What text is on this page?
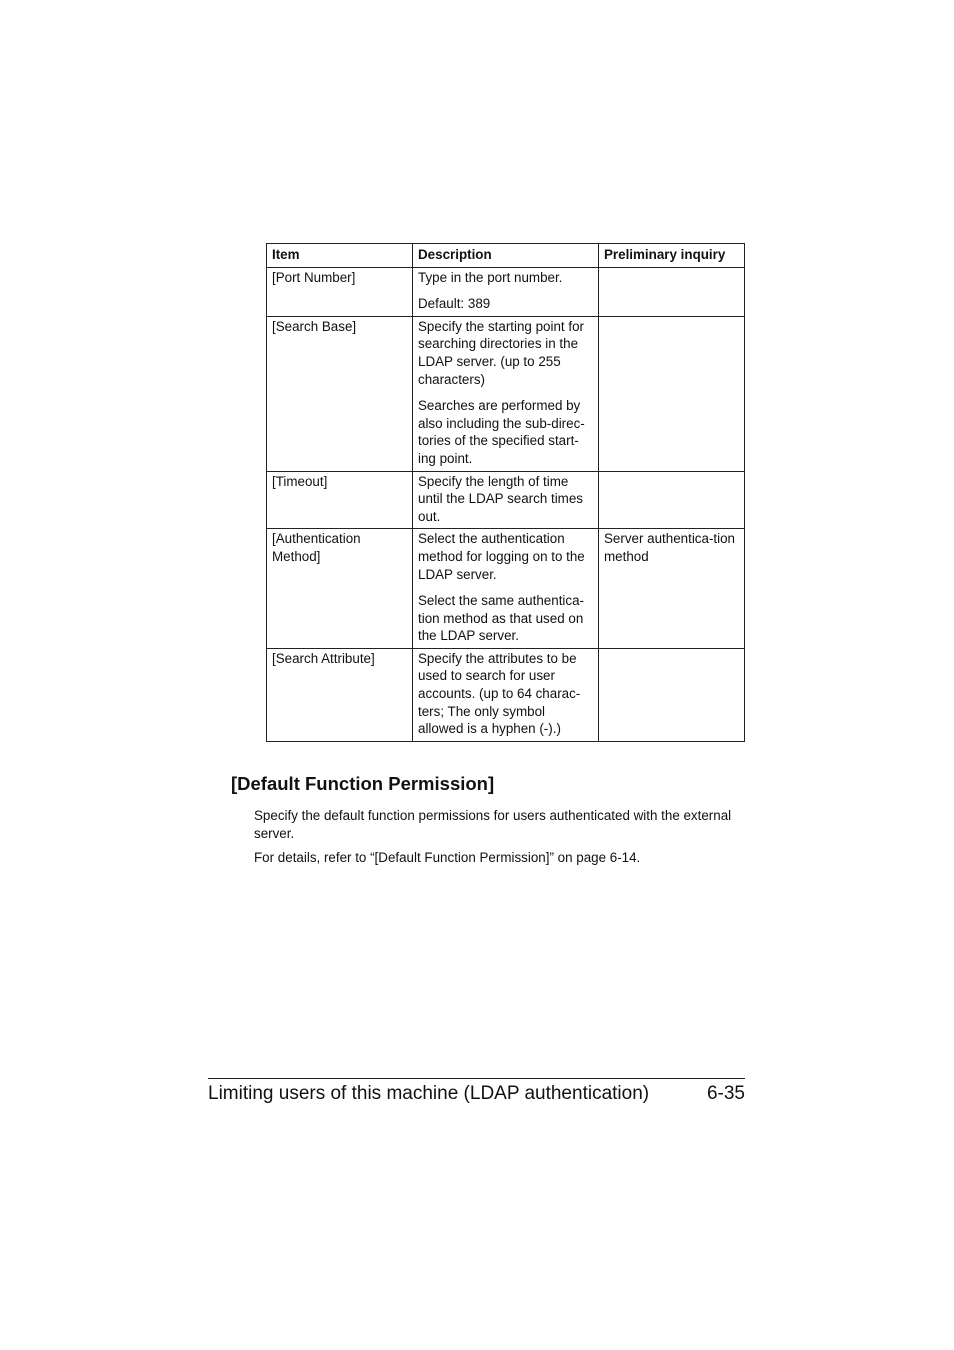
Item	Description	Preliminary inquiry
[Port Number]	Type in the port number.

Default: 389	

[Search Base]	Specify the starting point for searching directories in the LDAP server. (up to 255 characters)

Searches are performed by also including the sub-direc-tories of the specified start-ing point.	

[Timeout]	Specify the length of time until the LDAP search times out.	

[Authentication Method]	Select the authentication method for logging on to the LDAP server.

Select the same authentica-tion method as that used on the LDAP server.	Server authentica-tion method
[Search Attribute]	Specify the attributes to be used to search for user accounts. (up to 64 charac-ters; The only symbol allowed is a hyphen (-).)	

[Default Function Permission]

Specify the default function permissions for users authenticated with the external server.

For details, refer to “[Default Function Permission]” on page 6-14.

Limiting users of this machine (LDAP authentication)	6-35
